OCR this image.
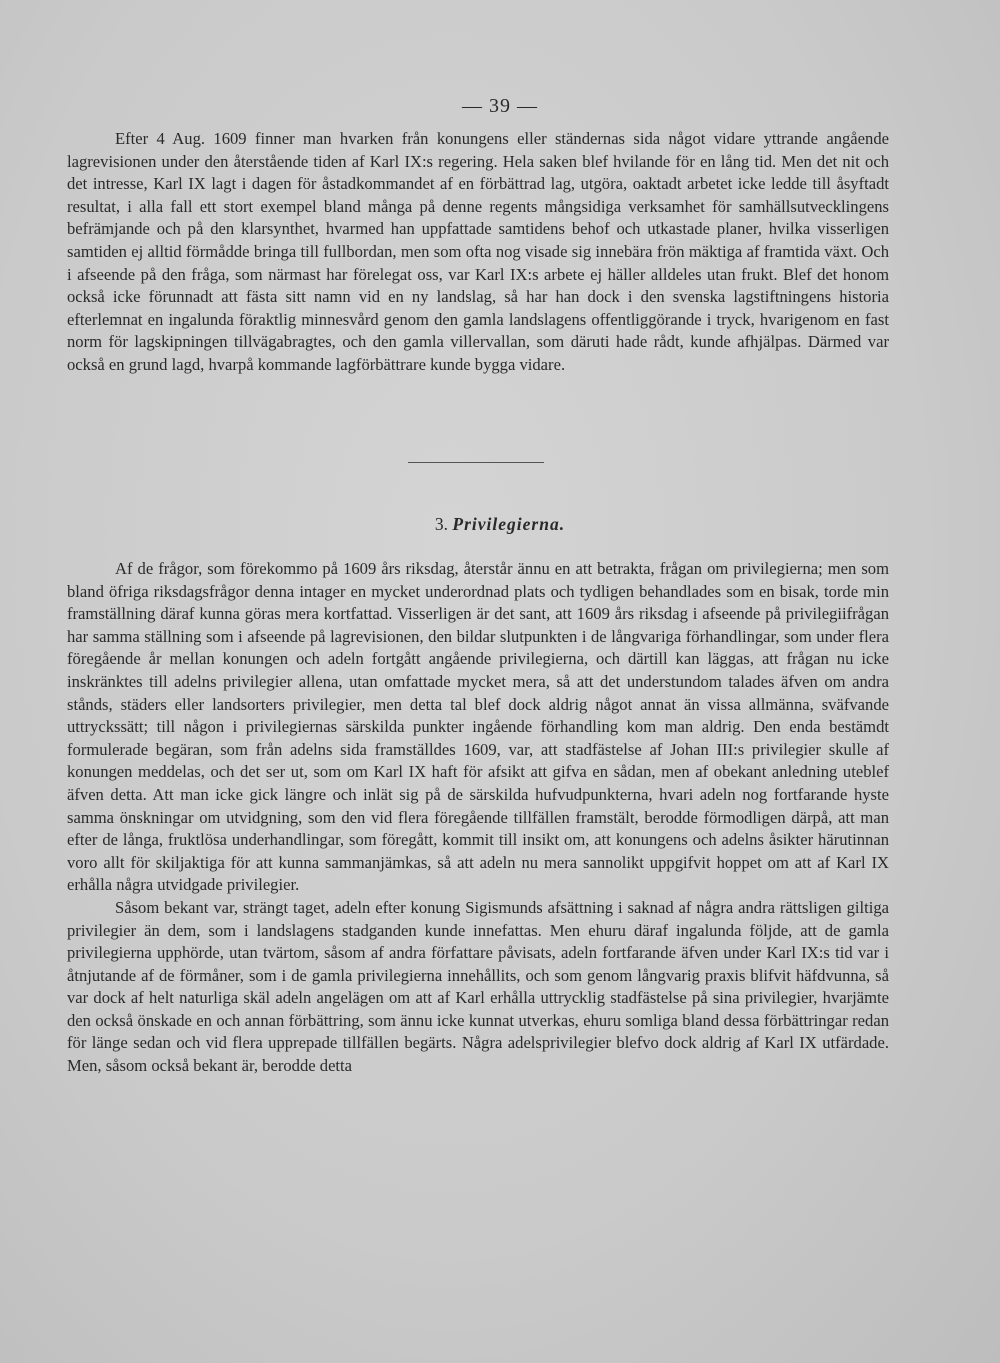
— 39 —

Efter 4 Aug. 1609 finner man hvarken från konungens eller ständernas sida något vidare yttrande angående lagrevisionen under den återstående tiden af Karl IX:s regering. Hela saken blef hvilande för en lång tid. Men det nit och det intresse, Karl IX lagt i dagen för åstadkommandet af en förbättrad lag, utgöra, oaktadt arbetet icke ledde till åsyftadt resultat, i alla fall ett stort exempel bland många på denne regents mångsidiga verksamhet för samhällsutvecklingens befrämjande och på den klarsynthet, hvarmed han uppfattade samtidens behof och utkastade planer, hvilka visserligen samtiden ej alltid förmådde bringa till fullbordan, men som ofta nog visade sig innebära frön mäktiga af framtida växt. Och i afseende på den fråga, som närmast har förelegat oss, var Karl IX:s arbete ej häller alldeles utan frukt. Blef det honom också icke förunnadt att fästa sitt namn vid en ny landslag, så har han dock i den svenska lagstiftningens historia efterlemnat en ingalunda föraktlig minnesvård genom den gamla landslagens offentliggörande i tryck, hvarigenom en fast norm för lagskipningen tillvägabragtes, och den gamla villervallan, som däruti hade rådt, kunde afhjälpas. Därmed var också en grund lagd, hvarpå kommande lagförbättrare kunde bygga vidare.

3. Privilegierna.

Af de frågor, som förekommo på 1609 års riksdag, återstår ännu en att betrakta, frågan om privilegierna; men som bland öfriga riksdagsfrågor denna intager en mycket underordnad plats och tydligen behandlades som en bisak, torde min framställning däraf kunna göras mera kortfattad. Visserligen är det sant, att 1609 års riksdag i afseende på privilegiifrågan har samma ställning som i afseende på lagrevisionen, den bildar slutpunkten i de långvariga förhandlingar, som under flera föregående år mellan konungen och adeln fortgått angående privilegierna, och därtill kan läggas, att frågan nu icke inskränktes till adelns privilegier allena, utan omfattade mycket mera, så att det understundom talades äfven om andra stånds, städers eller landsorters privilegier, men detta tal blef dock aldrig något annat än vissa allmänna, sväfvande uttryckssätt; till någon i privilegiernas särskilda punkter ingående förhandling kom man aldrig. Den enda bestämdt formulerade begäran, som från adelns sida framställdes 1609, var, att stadfästelse af Johan III:s privilegier skulle af konungen meddelas, och det ser ut, som om Karl IX haft för afsikt att gifva en sådan, men af obekant anledning uteblef äfven detta. Att man icke gick längre och inlät sig på de särskilda hufvudpunkterna, hvari adeln nog fortfarande hyste samma önskningar om utvidgning, som den vid flera föregående tillfällen framstält, berodde förmodligen därpå, att man efter de långa, fruktlösa underhandlingar, som föregått, kommit till insikt om, att konungens och adelns åsikter härutinnan voro allt för skiljaktiga för att kunna sammanjämkas, så att adeln nu mera sannolikt uppgifvit hoppet om att af Karl IX erhålla några utvidgade privilegier.

Såsom bekant var, strängt taget, adeln efter konung Sigismunds afsättning i saknad af några andra rättsligen giltiga privilegier än dem, som i landslagens stadganden kunde innefattas. Men ehuru däraf ingalunda följde, att de gamla privilegierna upphörde, utan tvärtom, såsom af andra författare påvisats, adeln fortfarande äfven under Karl IX:s tid var i åtnjutande af de förmåner, som i de gamla privilegierna innehållits, och som genom långvarig praxis blifvit häfdvunna, så var dock af helt naturliga skäl adeln angelägen om att af Karl erhålla uttrycklig stadfästelse på sina privilegier, hvarjämte den också önskade en och annan förbättring, som ännu icke kunnat utverkas, ehuru somliga bland dessa förbättringar redan för länge sedan och vid flera upprepade tillfällen begärts. Några adelsprivilegier blefvo dock aldrig af Karl IX utfärdade. Men, såsom också bekant är, berodde detta
